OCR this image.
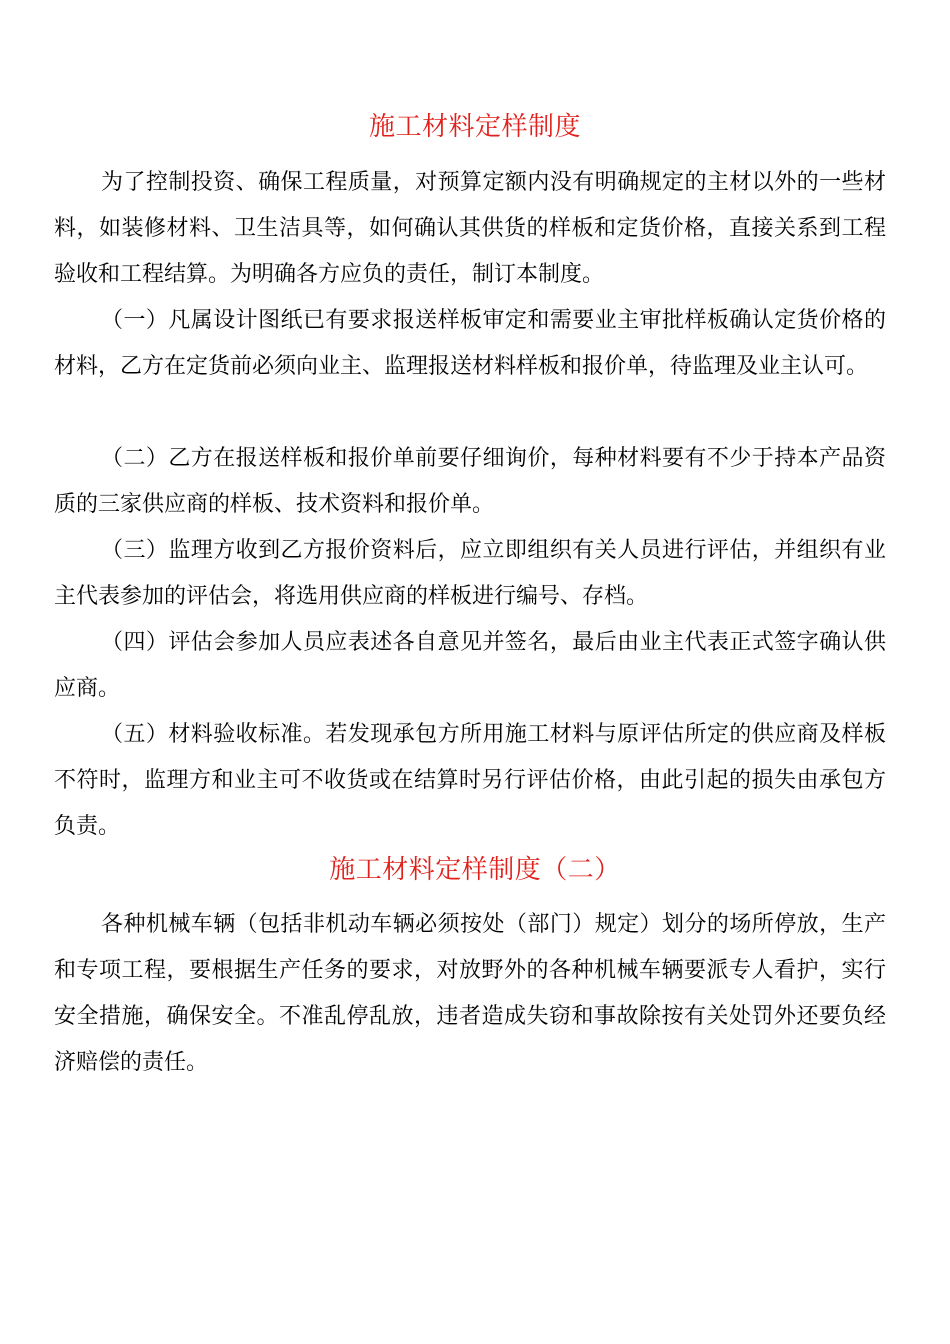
施工材料定样制度

为了控制投资、确保工程质量，对预算定额内没有明确规定的主材以外的一些材料，如装修材料、卫生洁具等，如何确认其供货的样板和定货价格，直接关系到工程验收和工程结算。为明确各方应负的责任，制订本制度。

（一）凡属设计图纸已有要求报送样板审定和需要业主审批样板确认定货价格的材料，乙方在定货前必须向业主、监理报送材料样板和报价单，待监理及业主认可。

（二）乙方在报送样板和报价单前要仔细询价，每种材料要有不少于持本产品资质的三家供应商的样板、技术资料和报价单。

（三）监理方收到乙方报价资料后，应立即组织有关人员进行评估，并组织有业主代表参加的评估会，将选用供应商的样板进行编号、存档。

（四）评估会参加人员应表述各自意见并签名，最后由业主代表正式签字确认供应商。

（五）材料验收标准。若发现承包方所用施工材料与原评估所定的供应商及样板不符时，监理方和业主可不收货或在结算时另行评估价格，由此引起的损失由承包方负责。

施工材料定样制度（二）

各种机械车辆（包括非机动车辆必须按处（部门）规定）划分的场所停放，生产和专项工程，要根据生产任务的要求，对放野外的各种机械车辆要派专人看护，实行安全措施，确保安全。不准乱停乱放，违者造成失窃和事故除按有关处罚外还要负经济赔偿的责任。
